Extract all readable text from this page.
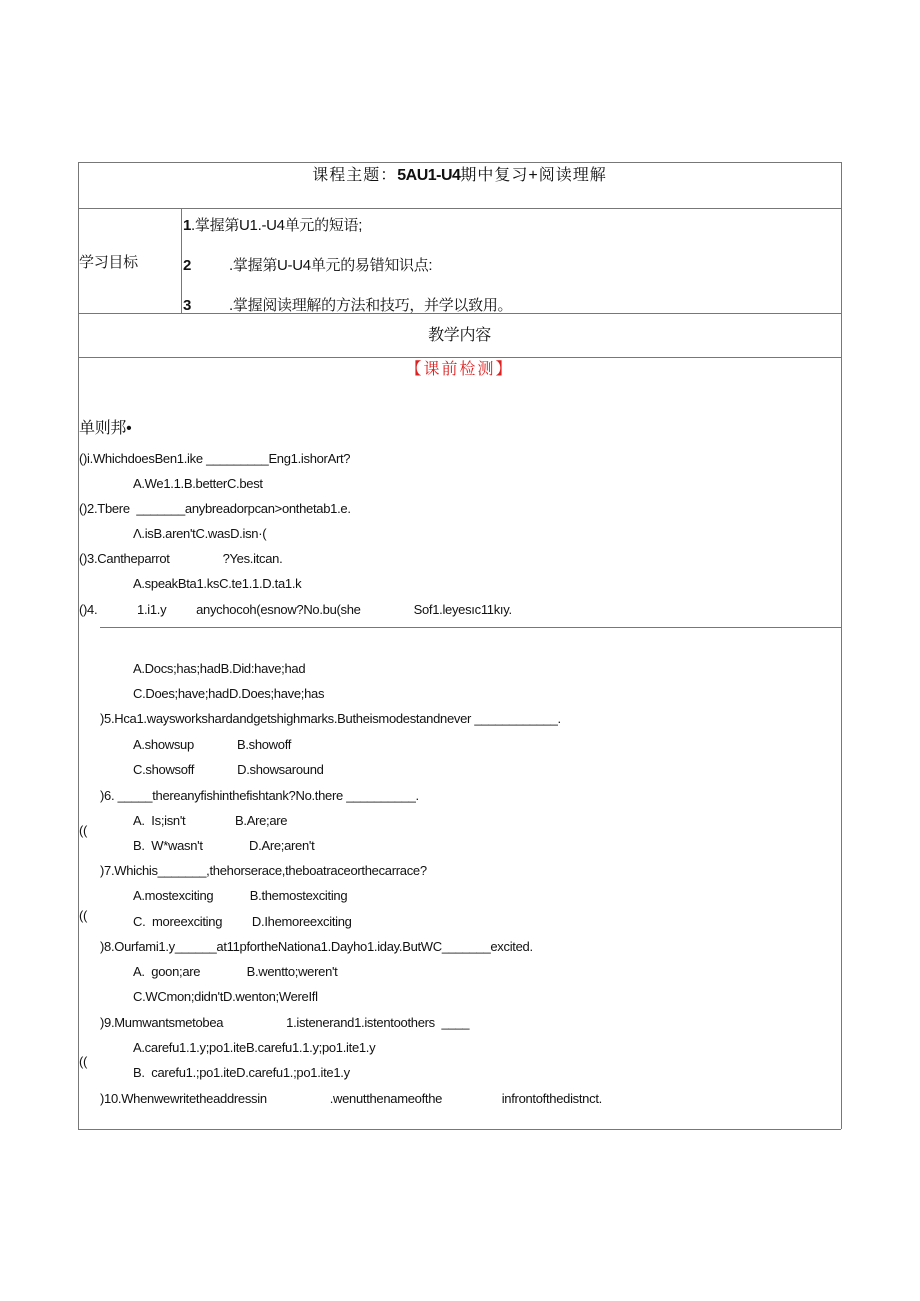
课程主题：5AU1-U4期中复习+阅读理解
学习目标
1.掌握第U1.-U4单元的短语;
2	.掌握第U-U4单元的易错知识点:
3	.掌握阅读理解的方法和技巧，并学以致用。
教学内容
【课前检测】
单则邦•
()i.WhichdoesBen1.ike _________Eng1.ishorArt?
A.We1.1.B.betterC.best
()2.Tbere  _______anybreadorpcan>onthetab1.e.
Λ.isB.aren'tC.wasD.isn·(
()3.Cantheparrot                ?Yes.itcan.
A.speakBta1.ksC.te1.1.D.ta1.k
()4.            1.i1.y         anychocoh(esnow?No.bu(she                Sof1.leyesıc11kıy.
A.Docs;has;hadB.Did:have;had
C.Does;have;hadD.Does;have;has
)5.Hca1.waysworkshardandgetshighmarks.Butheismodestandnever ____________.
A.showsup             B.showoff
C.showsoff             D.showsaround
)6. _____thereanyfishinthefishtank?No.there __________.
A.  Is;isn't               B.Are;are
B.  W*wasn't              D.Are;aren't
)7.Whichis_______,thehorserace,theboatraceorthecarrace?
A.mostexciting           B.themostexciting
C.  moreexciting         D.Ihemoreexciting
)8.Ourfami1.y______at11pfortheNationa1.Dayho1.iday.ButWC_______excited.
A.  goon;are              B.wentto;weren't
C.WCmon;didn'tD.wenton;WereIfl
)9.Mumwantsmetobea                   1.istenerand1.istentoothers  ____
A.carefu1.1.y;po1.iteB.carefu1.1.y;po1.ite1.y
B.  carefu1.;po1.iteD.carefu1.;po1.ite1.y
)10.Whenwewritetheaddressin                   .wenutthenameofthe                  infrontofthedistnct.
((
((
((
